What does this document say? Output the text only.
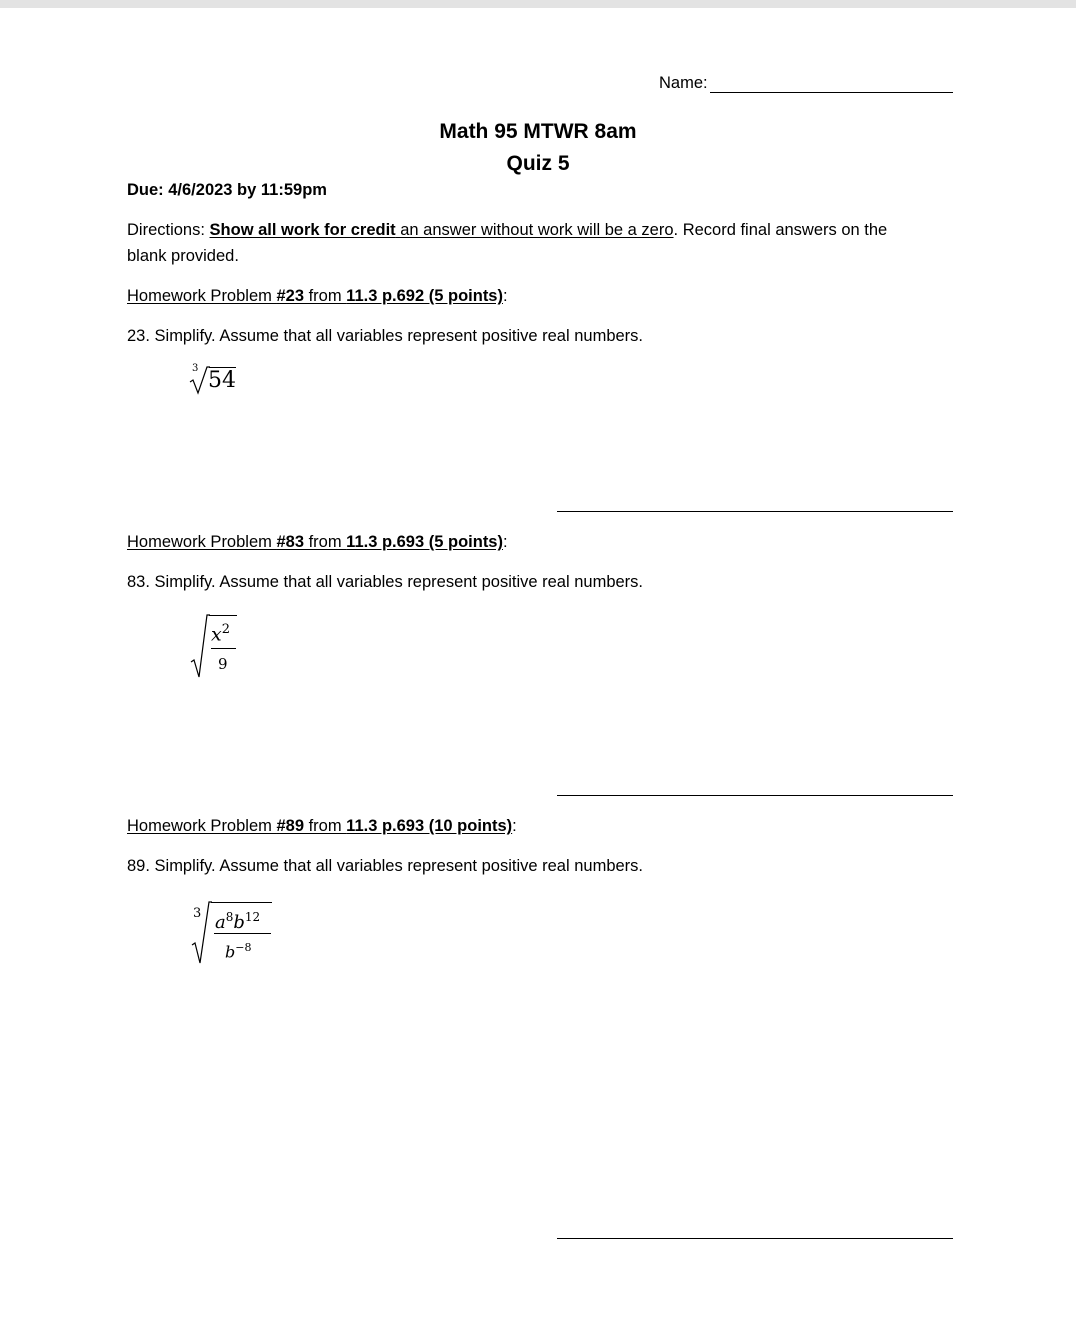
Name:
Math 95 MTWR 8am
Quiz 5
Due: 4/6/2023 by 11:59pm
Directions: Show all work for credit an answer without work will be a zero. Record final answers on the
blank provided.
Homework Problem #23 from 11.3 p.692 (5 points):
23. Simplify. Assume that all variables represent positive real numbers.
3 54
Homework Problem #83 from 11.3 p.693 (5 points):
83. Simplify. Assume that all variables represent positive real numbers.
$x^2$
9
Homework Problem #89 from 11.3 p.693 (10 points):
89. Simplify. Assume that all variables represent positive real numbers.
3 $a^8b^{12}$
$b^{-8}$
